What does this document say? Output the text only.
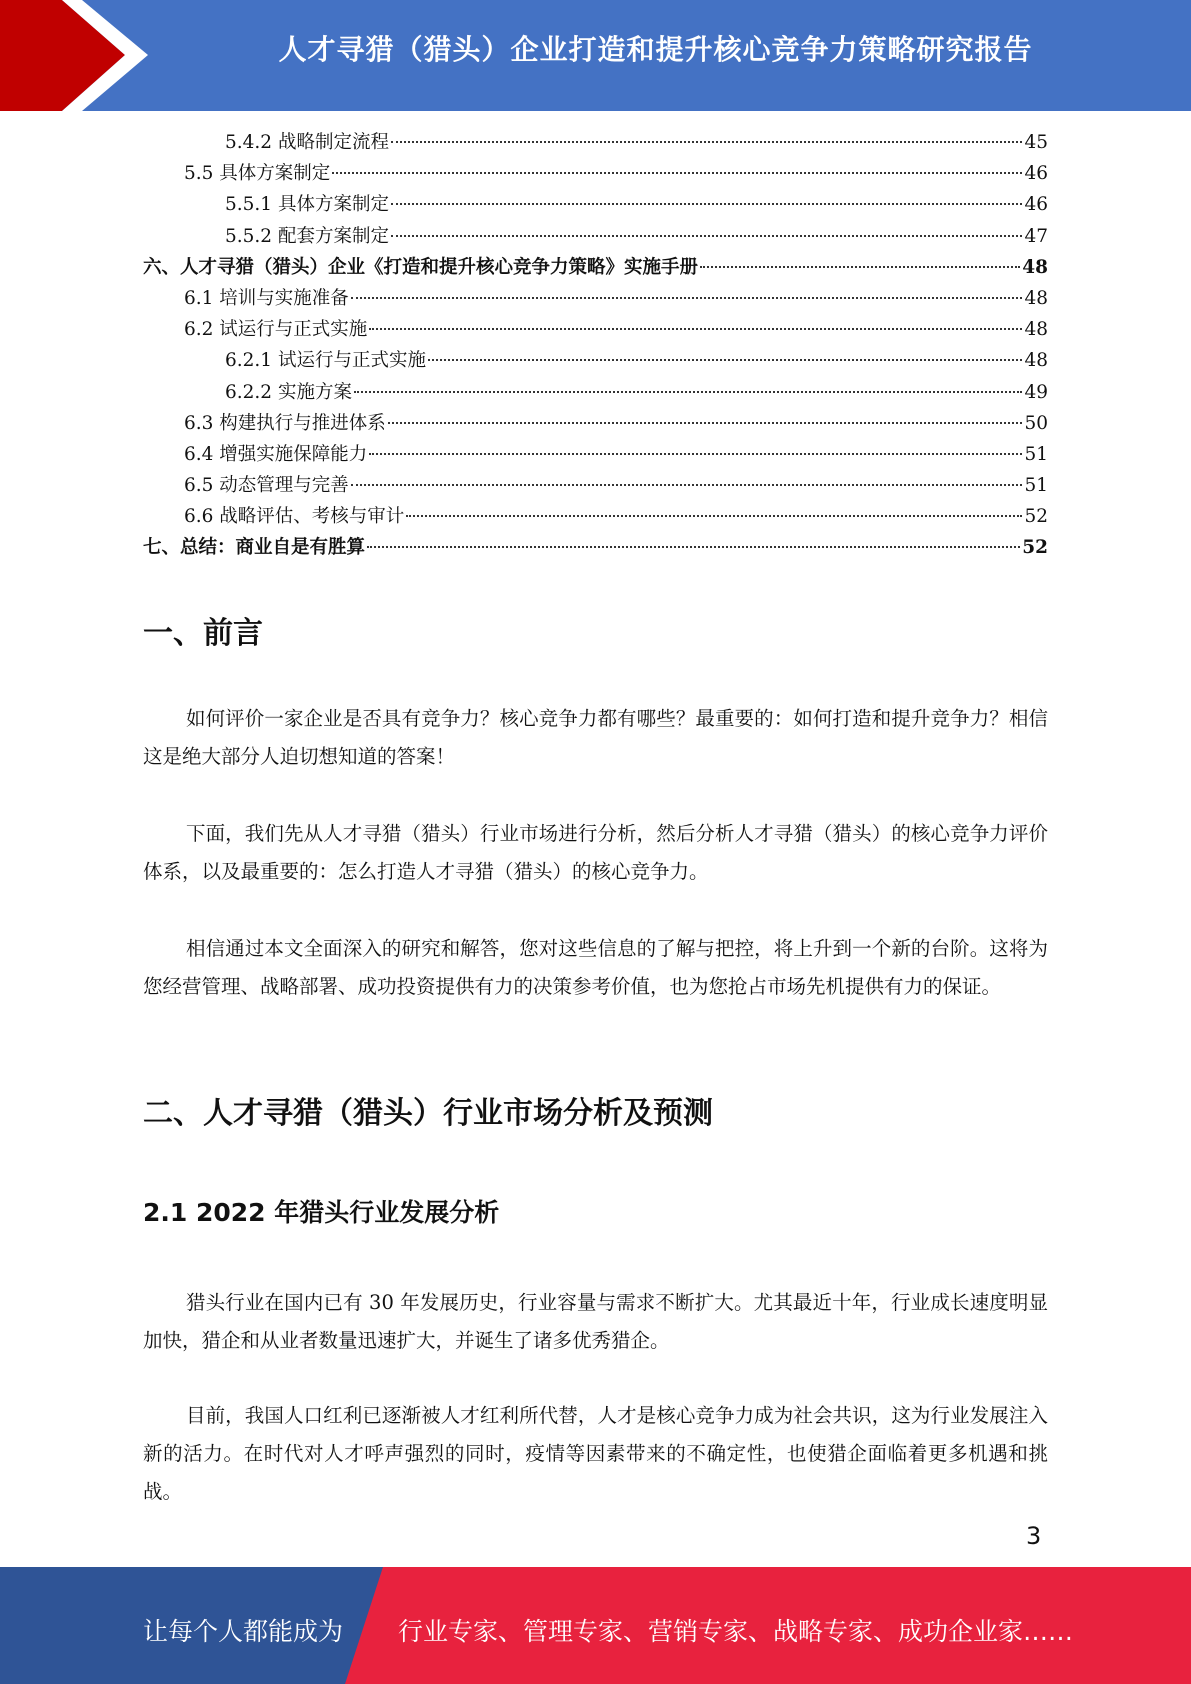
人才寻猎（猎头）企业打造和提升核心竞争力策略研究报告
5.4.2 战略制定流程	45
5.5 具体方案制定	46
5.5.1 具体方案制定	46
5.5.2 配套方案制定	47
六、人才寻猎（猎头）企业《打造和提升核心竞争力策略》实施手册	48
6.1 培训与实施准备	48
6.2 试运行与正式实施	48
6.2.1 试运行与正式实施	48
6.2.2 实施方案	49
6.3 构建执行与推进体系	50
6.4 增强实施保障能力	51
6.5 动态管理与完善	51
6.6 战略评估、考核与审计	52
七、总结：商业自是有胜算	52
一、前言
如何评价一家企业是否具有竞争力？核心竞争力都有哪些？最重要的：如何打造和提升竞争力？相信这是绝大部分人迫切想知道的答案！
下面，我们先从人才寻猎（猎头）行业市场进行分析，然后分析人才寻猎（猎头）的核心竞争力评价体系，以及最重要的：怎么打造人才寻猎（猎头）的核心竞争力。
相信通过本文全面深入的研究和解答，您对这些信息的了解与把控，将上升到一个新的台阶。这将为您经营管理、战略部署、成功投资提供有力的决策参考价值，也为您抢占市场先机提供有力的保证。
二、人才寻猎（猎头）行业市场分析及预测
2.1 2022 年猎头行业发展分析
猎头行业在国内已有 30 年发展历史，行业容量与需求不断扩大。尤其最近十年，行业成长速度明显加快，猎企和从业者数量迅速扩大，并诞生了诸多优秀猎企。
目前，我国人口红利已逐渐被人才红利所代替，人才是核心竞争力成为社会共识，这为行业发展注入新的活力。在时代对人才呼声强烈的同时，疫情等因素带来的不确定性，也使猎企面临着更多机遇和挑战。
3
让每个人都能成为 行业专家、管理专家、营销专家、战略专家、成功企业家……
